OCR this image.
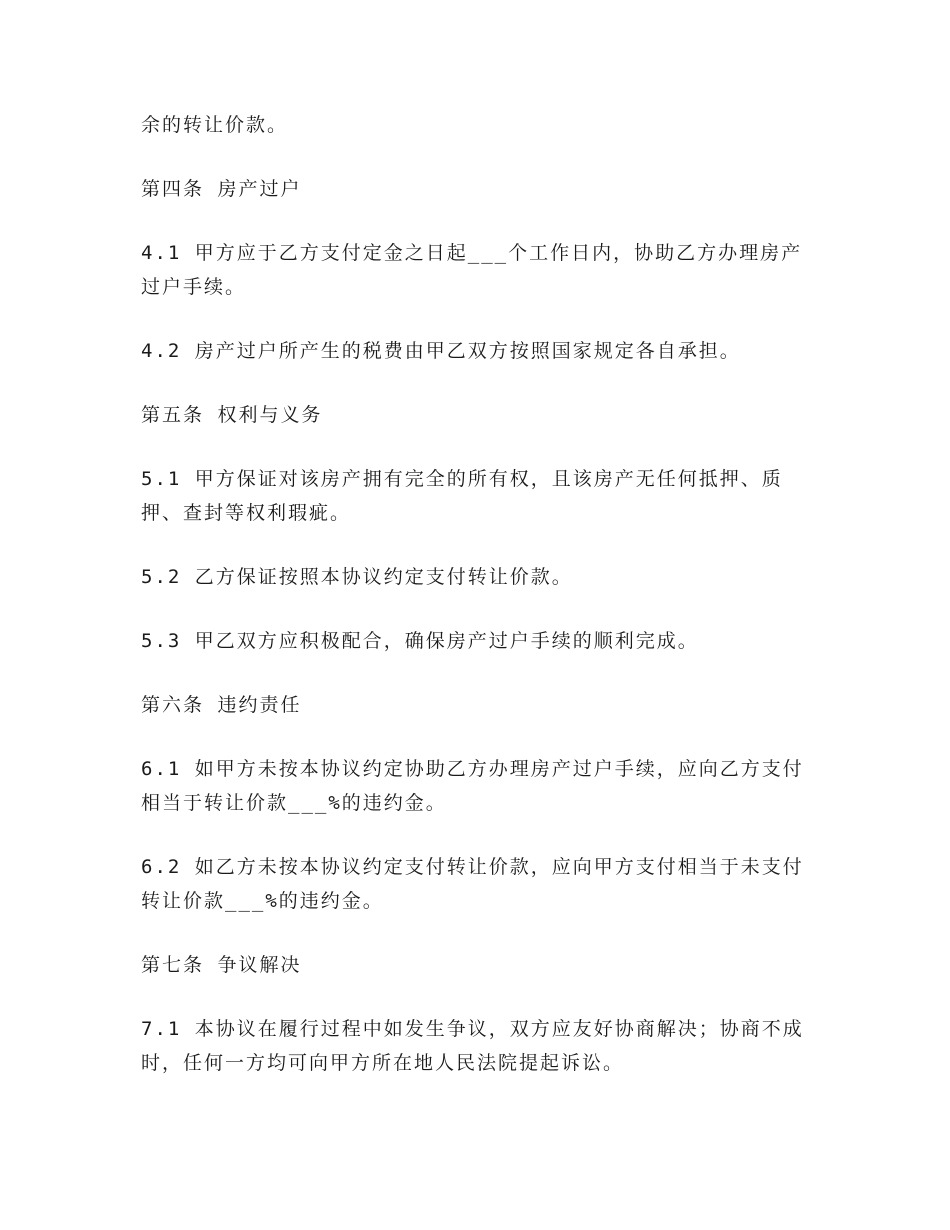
余的转让价款。

第四条 房产过户

4.1 甲方应于乙方支付定金之日起___个工作日内，协助乙方办理房产过户手续。

4.2 房产过户所产生的税费由甲乙双方按照国家规定各自承担。

第五条 权利与义务

5.1 甲方保证对该房产拥有完全的所有权，且该房产无任何抵押、质押、查封等权利瑕疵。

5.2 乙方保证按照本协议约定支付转让价款。

5.3 甲乙双方应积极配合，确保房产过户手续的顺利完成。

第六条 违约责任

6.1 如甲方未按本协议约定协助乙方办理房产过户手续，应向乙方支付相当于转让价款___%的违约金。

6.2 如乙方未按本协议约定支付转让价款，应向甲方支付相当于未支付转让价款___%的违约金。

第七条 争议解决

7.1 本协议在履行过程中如发生争议，双方应友好协商解决；协商不成时，任何一方均可向甲方所在地人民法院提起诉讼。
